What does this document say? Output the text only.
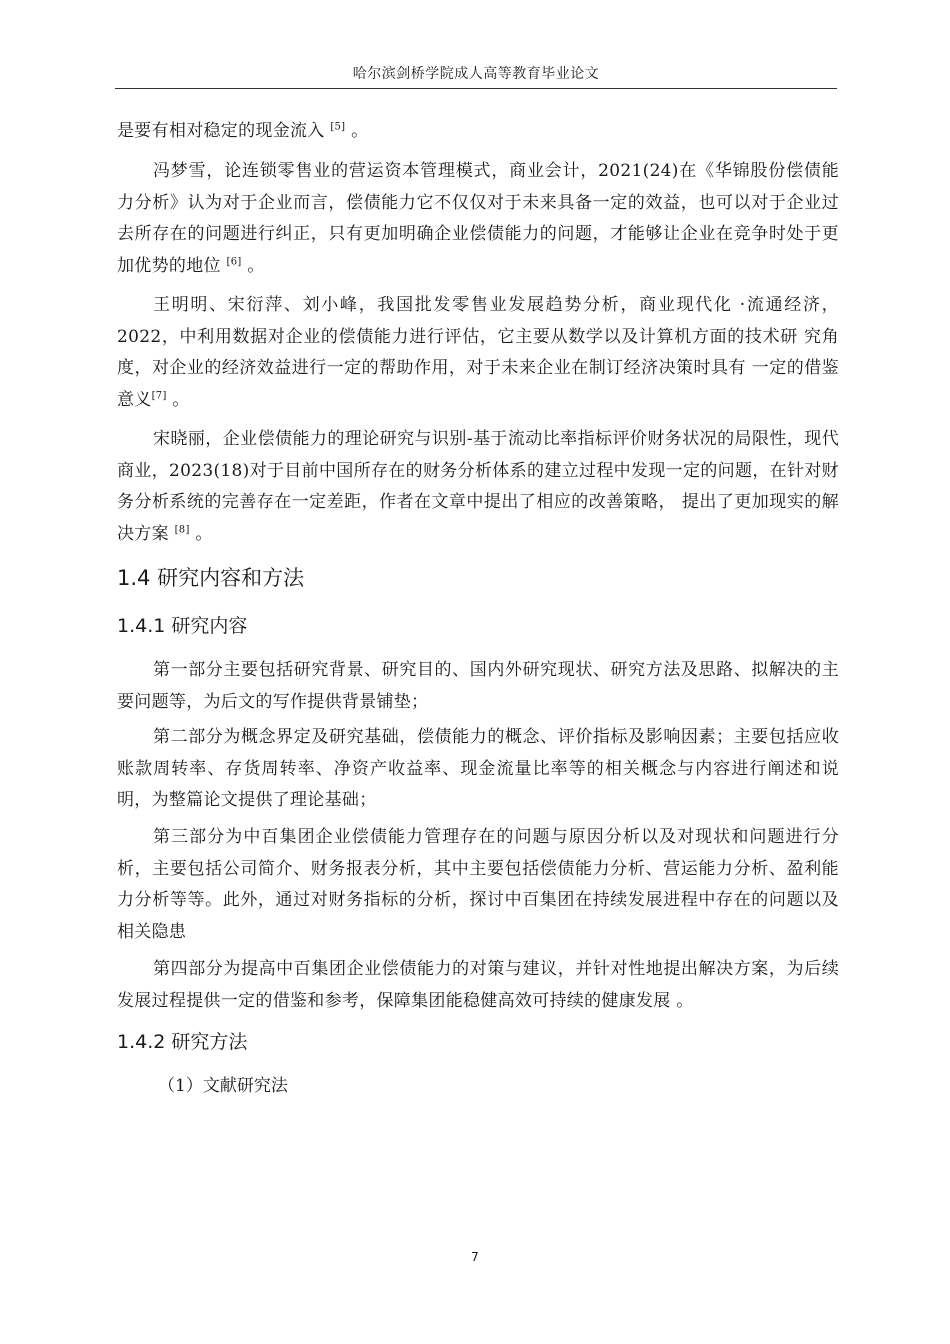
哈尔滨剑桥学院成人高等教育毕业论文
是要有相对稳定的现金流入 [5] 。
冯梦雪，论连锁零售业的营运资本管理模式，商业会计，2021(24)在《华锦股份偿债能力分析》认为对于企业而言，偿债能力它不仅仅对于未来具备一定的效益，也可以对于企业过去所存在的问题进行纠正，只有更加明确企业偿债能力的问题，才能够让企业在竞争时处于更加优势的地位 [6] 。
王明明、宋衍萍、刘小峰，我国批发零售业发展趋势分析，商业现代化 ·流通经济， 2022，中利用数据对企业的偿债能力进行评估，它主要从数学以及计算机方面的技术研 究角度，对企业的经济效益进行一定的帮助作用，对于未来企业在制订经济决策时具有 一定的借鉴意义[7] 。
宋晓丽，企业偿债能力的理论研究与识别-基于流动比率指标评价财务状况的局限性，现代商业，2023(18)对于目前中国所存在的财务分析体系的建立过程中发现一定的问题，在针对财务分析系统的完善存在一定差距，作者在文章中提出了相应的改善策略， 提出了更加现实的解决方案 [8] 。
1.4 研究内容和方法
1.4.1 研究内容
第一部分主要包括研究背景、研究目的、国内外研究现状、研究方法及思路、拟解决的主要问题等，为后文的写作提供背景铺垫；
第二部分为概念界定及研究基础，偿债能力的概念、评价指标及影响因素；主要包括应收账款周转率、存货周转率、净资产收益率、现金流量比率等的相关概念与内容进行阐述和说明，为整篇论文提供了理论基础；
第三部分为中百集团企业偿债能力管理存在的问题与原因分析以及对现状和问题进行分析，主要包括公司简介、财务报表分析，其中主要包括偿债能力分析、营运能力分析、盈利能力分析等等。此外，通过对财务指标的分析，探讨中百集团在持续发展进程中存在的问题以及相关隐患
第四部分为提高中百集团企业偿债能力的对策与建议，并针对性地提出解决方案，为后续发展过程提供一定的借鉴和参考，保障集团能稳健高效可持续的健康发展 。
1.4.2 研究方法
（1）文献研究法
7
